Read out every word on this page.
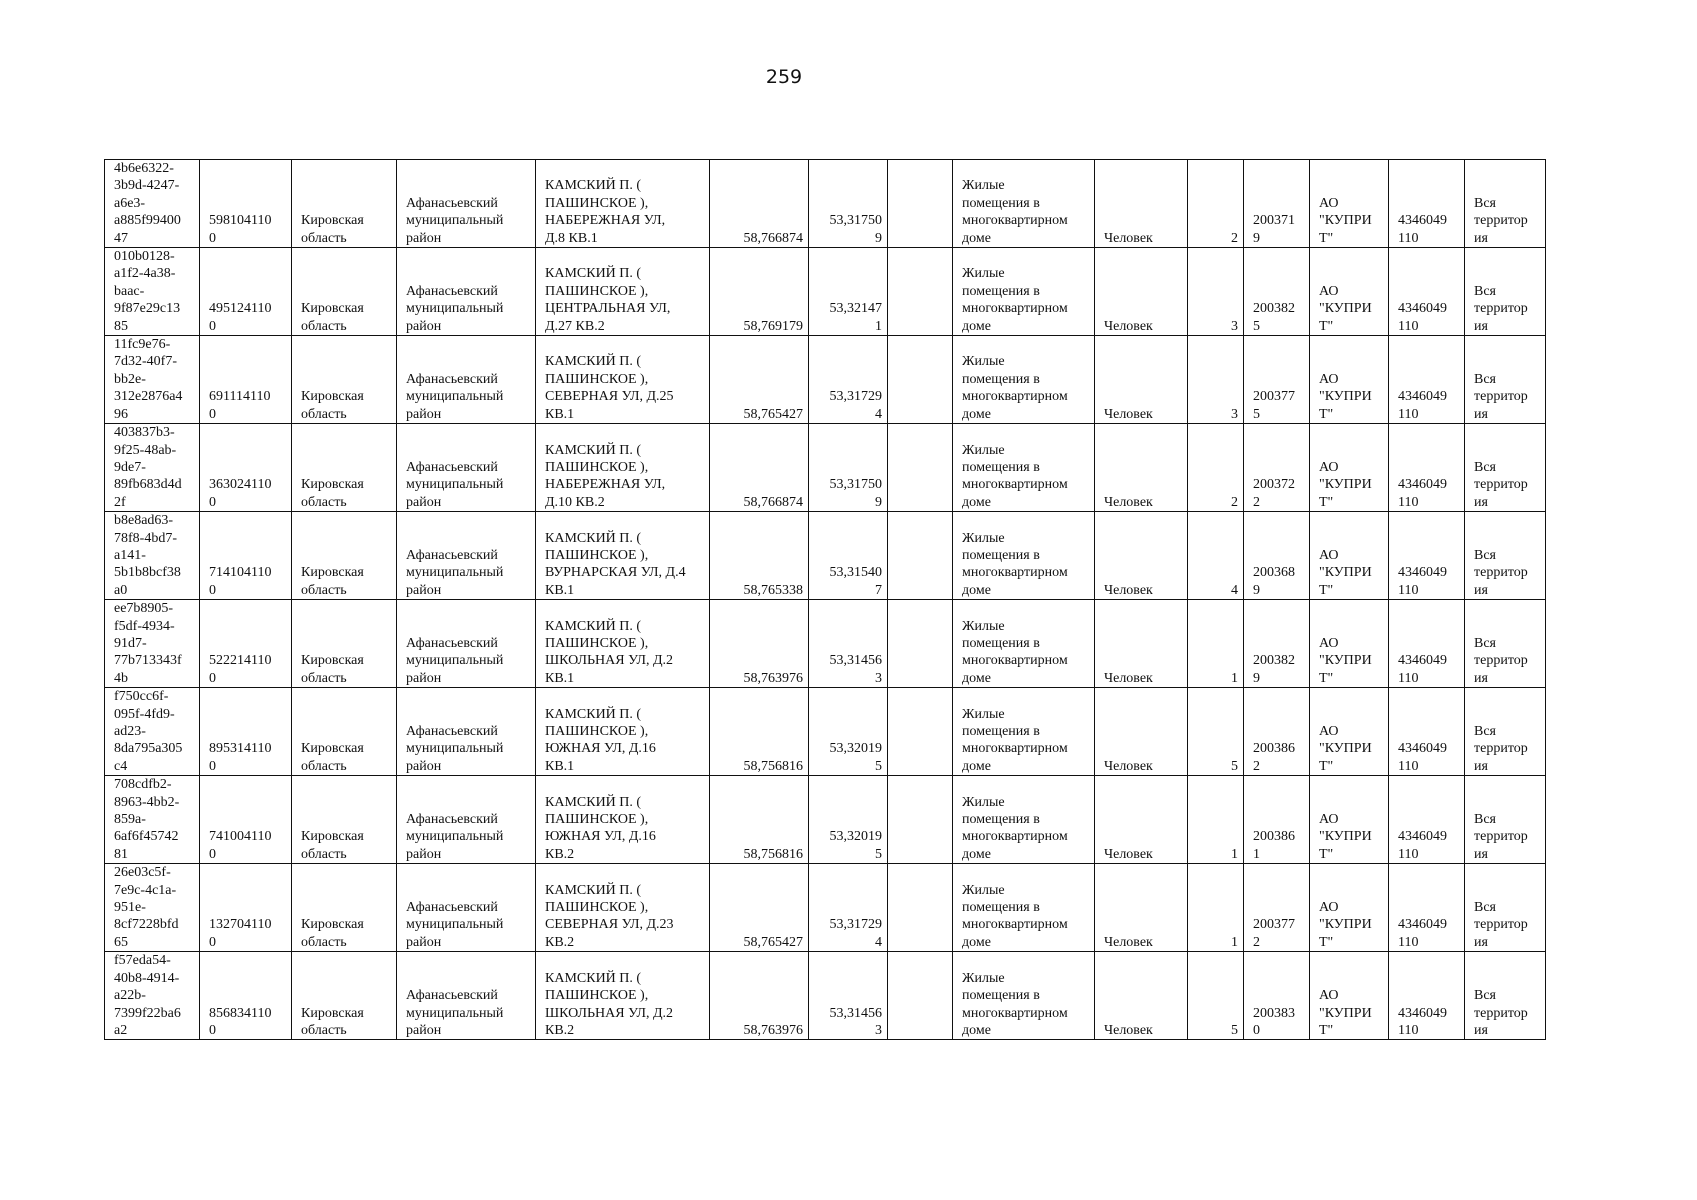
259
4b6e6322-
3b9d-4247-
a6e3-
a885f99400
47	598104110
0	Кировская
область	Афанасьевский
муниципальный
район	КАМСКИЙ П. (
ПАШИНСКОЕ ),
НАБЕРЕЖНАЯ УЛ,
Д.8 КВ.1	58,766874	53,31750
9		Жилые
помещения в
многоквартирном
доме	Человек	2	200371
9	АО
"КУПРИ
Т"	4346049
110	Вся
территор
ия
010b0128-
a1f2-4a38-
baac-
9f87e29c13
85	495124110
0	Кировская
область	Афанасьевский
муниципальный
район	КАМСКИЙ П. (
ПАШИНСКОЕ ),
ЦЕНТРАЛЬНАЯ УЛ,
Д.27 КВ.2	58,769179	53,32147
1		Жилые
помещения в
многоквартирном
доме	Человек	3	200382
5	АО
"КУПРИ
Т"	4346049
110	Вся
территор
ия
11fc9e76-
7d32-40f7-
bb2e-
312e2876a4
96	691114110
0	Кировская
область	Афанасьевский
муниципальный
район	КАМСКИЙ П. (
ПАШИНСКОЕ ),
СЕВЕРНАЯ УЛ, Д.25
КВ.1	58,765427	53,31729
4		Жилые
помещения в
многоквартирном
доме	Человек	3	200377
5	АО
"КУПРИ
Т"	4346049
110	Вся
территор
ия
403837b3-
9f25-48ab-
9de7-
89fb683d4d
2f	363024110
0	Кировская
область	Афанасьевский
муниципальный
район	КАМСКИЙ П. (
ПАШИНСКОЕ ),
НАБЕРЕЖНАЯ УЛ,
Д.10 КВ.2	58,766874	53,31750
9		Жилые
помещения в
многоквартирном
доме	Человек	2	200372
2	АО
"КУПРИ
Т"	4346049
110	Вся
территор
ия
b8e8ad63-
78f8-4bd7-
a141-
5b1b8bcf38
a0	714104110
0	Кировская
область	Афанасьевский
муниципальный
район	КАМСКИЙ П. (
ПАШИНСКОЕ ),
ВУРНАРСКАЯ УЛ, Д.4
КВ.1	58,765338	53,31540
7		Жилые
помещения в
многоквартирном
доме	Человек	4	200368
9	АО
"КУПРИ
Т"	4346049
110	Вся
территор
ия
ee7b8905-
f5df-4934-
91d7-
77b713343f
4b	522214110
0	Кировская
область	Афанасьевский
муниципальный
район	КАМСКИЙ П. (
ПАШИНСКОЕ ),
ШКОЛЬНАЯ УЛ, Д.2
КВ.1	58,763976	53,31456
3		Жилые
помещения в
многоквартирном
доме	Человек	1	200382
9	АО
"КУПРИ
Т"	4346049
110	Вся
территор
ия
f750cc6f-
095f-4fd9-
ad23-
8da795a305
c4	895314110
0	Кировская
область	Афанасьевский
муниципальный
район	КАМСКИЙ П. (
ПАШИНСКОЕ ),
ЮЖНАЯ УЛ, Д.16
КВ.1	58,756816	53,32019
5		Жилые
помещения в
многоквартирном
доме	Человек	5	200386
2	АО
"КУПРИ
Т"	4346049
110	Вся
территор
ия
708cdfb2-
8963-4bb2-
859a-
6af6f45742
81	741004110
0	Кировская
область	Афанасьевский
муниципальный
район	КАМСКИЙ П. (
ПАШИНСКОЕ ),
ЮЖНАЯ УЛ, Д.16
КВ.2	58,756816	53,32019
5		Жилые
помещения в
многоквартирном
доме	Человек	1	200386
1	АО
"КУПРИ
Т"	4346049
110	Вся
территор
ия
26e03c5f-
7e9c-4c1a-
951e-
8cf7228bfd
65	132704110
0	Кировская
область	Афанасьевский
муниципальный
район	КАМСКИЙ П. (
ПАШИНСКОЕ ),
СЕВЕРНАЯ УЛ, Д.23
КВ.2	58,765427	53,31729
4		Жилые
помещения в
многоквартирном
доме	Человек	1	200377
2	АО
"КУПРИ
Т"	4346049
110	Вся
территор
ия
f57eda54-
40b8-4914-
a22b-
7399f22ba6
a2	856834110
0	Кировская
область	Афанасьевский
муниципальный
район	КАМСКИЙ П. (
ПАШИНСКОЕ ),
ШКОЛЬНАЯ УЛ, Д.2
КВ.2	58,763976	53,31456
3		Жилые
помещения в
многоквартирном
доме	Человек	5	200383
0	АО
"КУПРИ
Т"	4346049
110	Вся
территор
ия
